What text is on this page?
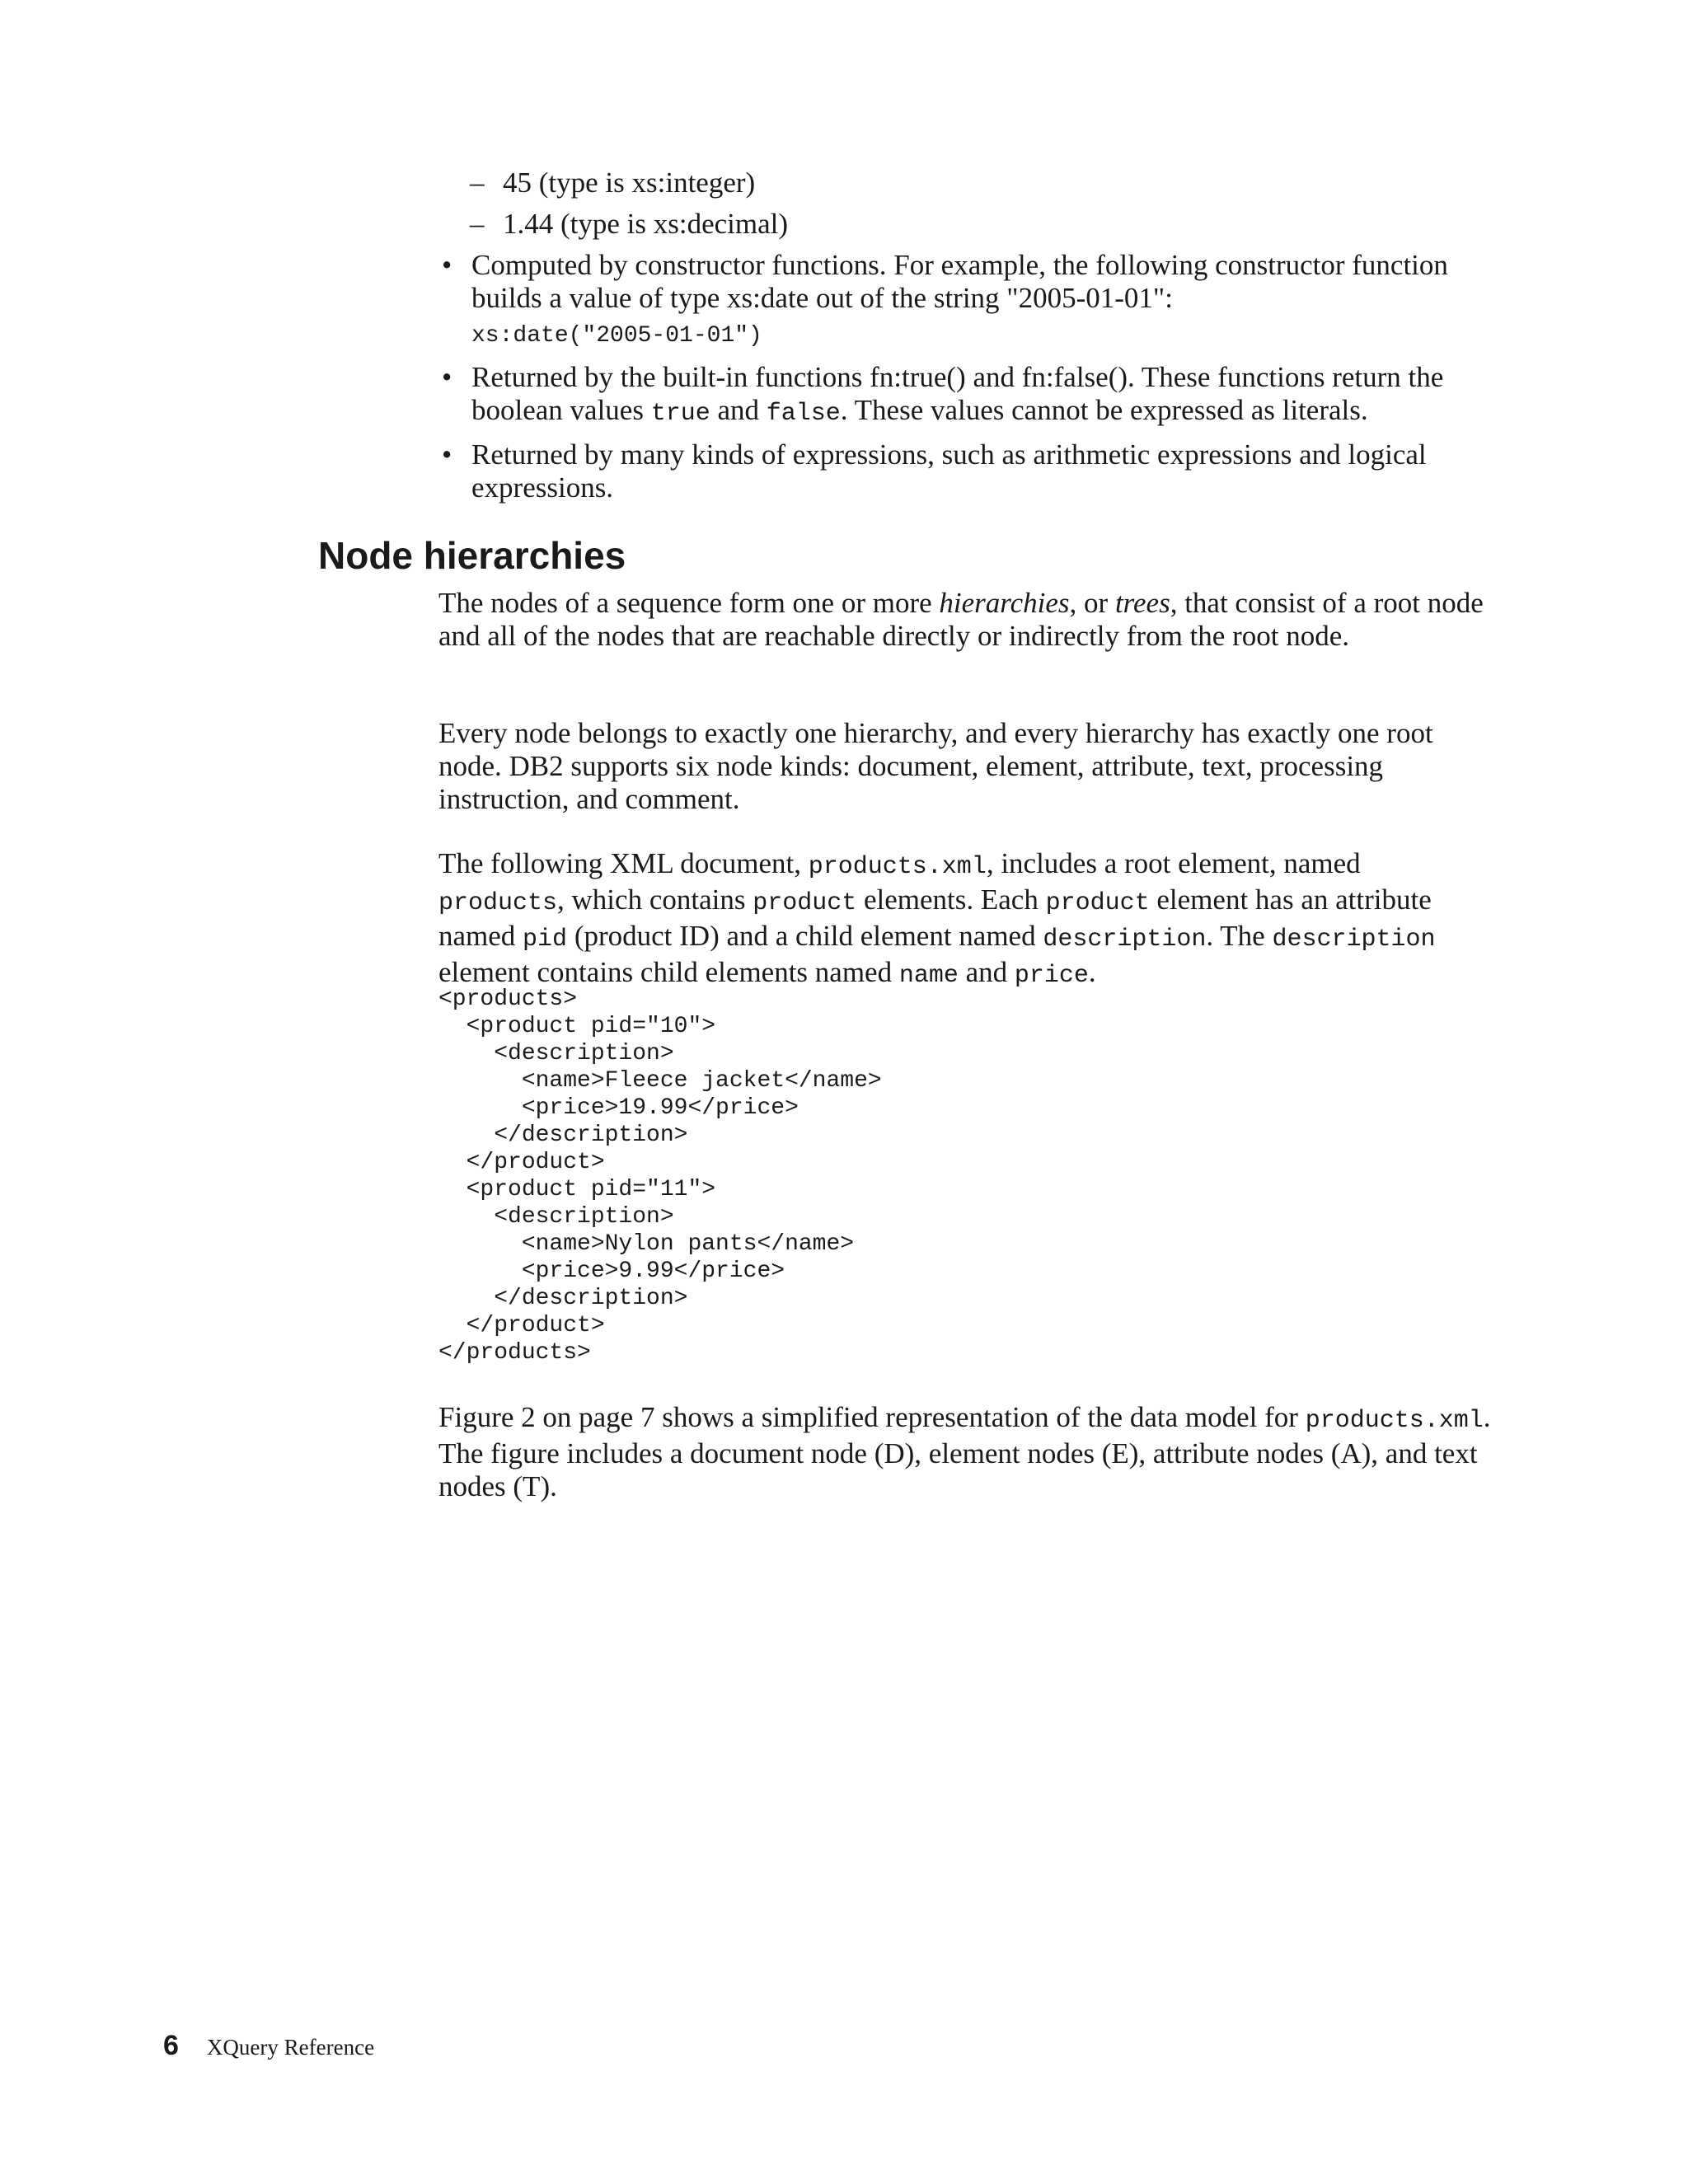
– 45 (type is xs:integer)
– 1.44 (type is xs:decimal)
• Computed by constructor functions. For example, the following constructor function builds a value of type xs:date out of the string "2005-01-01":

xs:date("2005-01-01")
• Returned by the built-in functions fn:true() and fn:false(). These functions return the boolean values true and false. These values cannot be expressed as literals.

• Returned by many kinds of expressions, such as arithmetic expressions and logical expressions.

Node hierarchies

The nodes of a sequence form one or more hierarchies, or trees, that consist of a root node and all of the nodes that are reachable directly or indirectly from the root node.

Every node belongs to exactly one hierarchy, and every hierarchy has exactly one root node. DB2 supports six node kinds: document, element, attribute, text, processing instruction, and comment.

The following XML document, products.xml, includes a root element, named products, which contains product elements. Each product element has an attribute named pid (product ID) and a child element named description. The description element contains child elements named name and price.

<products>
<product pid="10">
<description>
<name>Fleece jacket</name>
<price>19.99</price>
</description>
</product>
<product pid="11">
<description>
<name>Nylon pants</name>
<price>9.99</price>
</description>
</product>
</products>

Figure 2 on page 7 shows a simplified representation of the data model for products.xml. The figure includes a document node (D), element nodes (E), attribute nodes (A), and text nodes (T).

6 XQuery Reference
